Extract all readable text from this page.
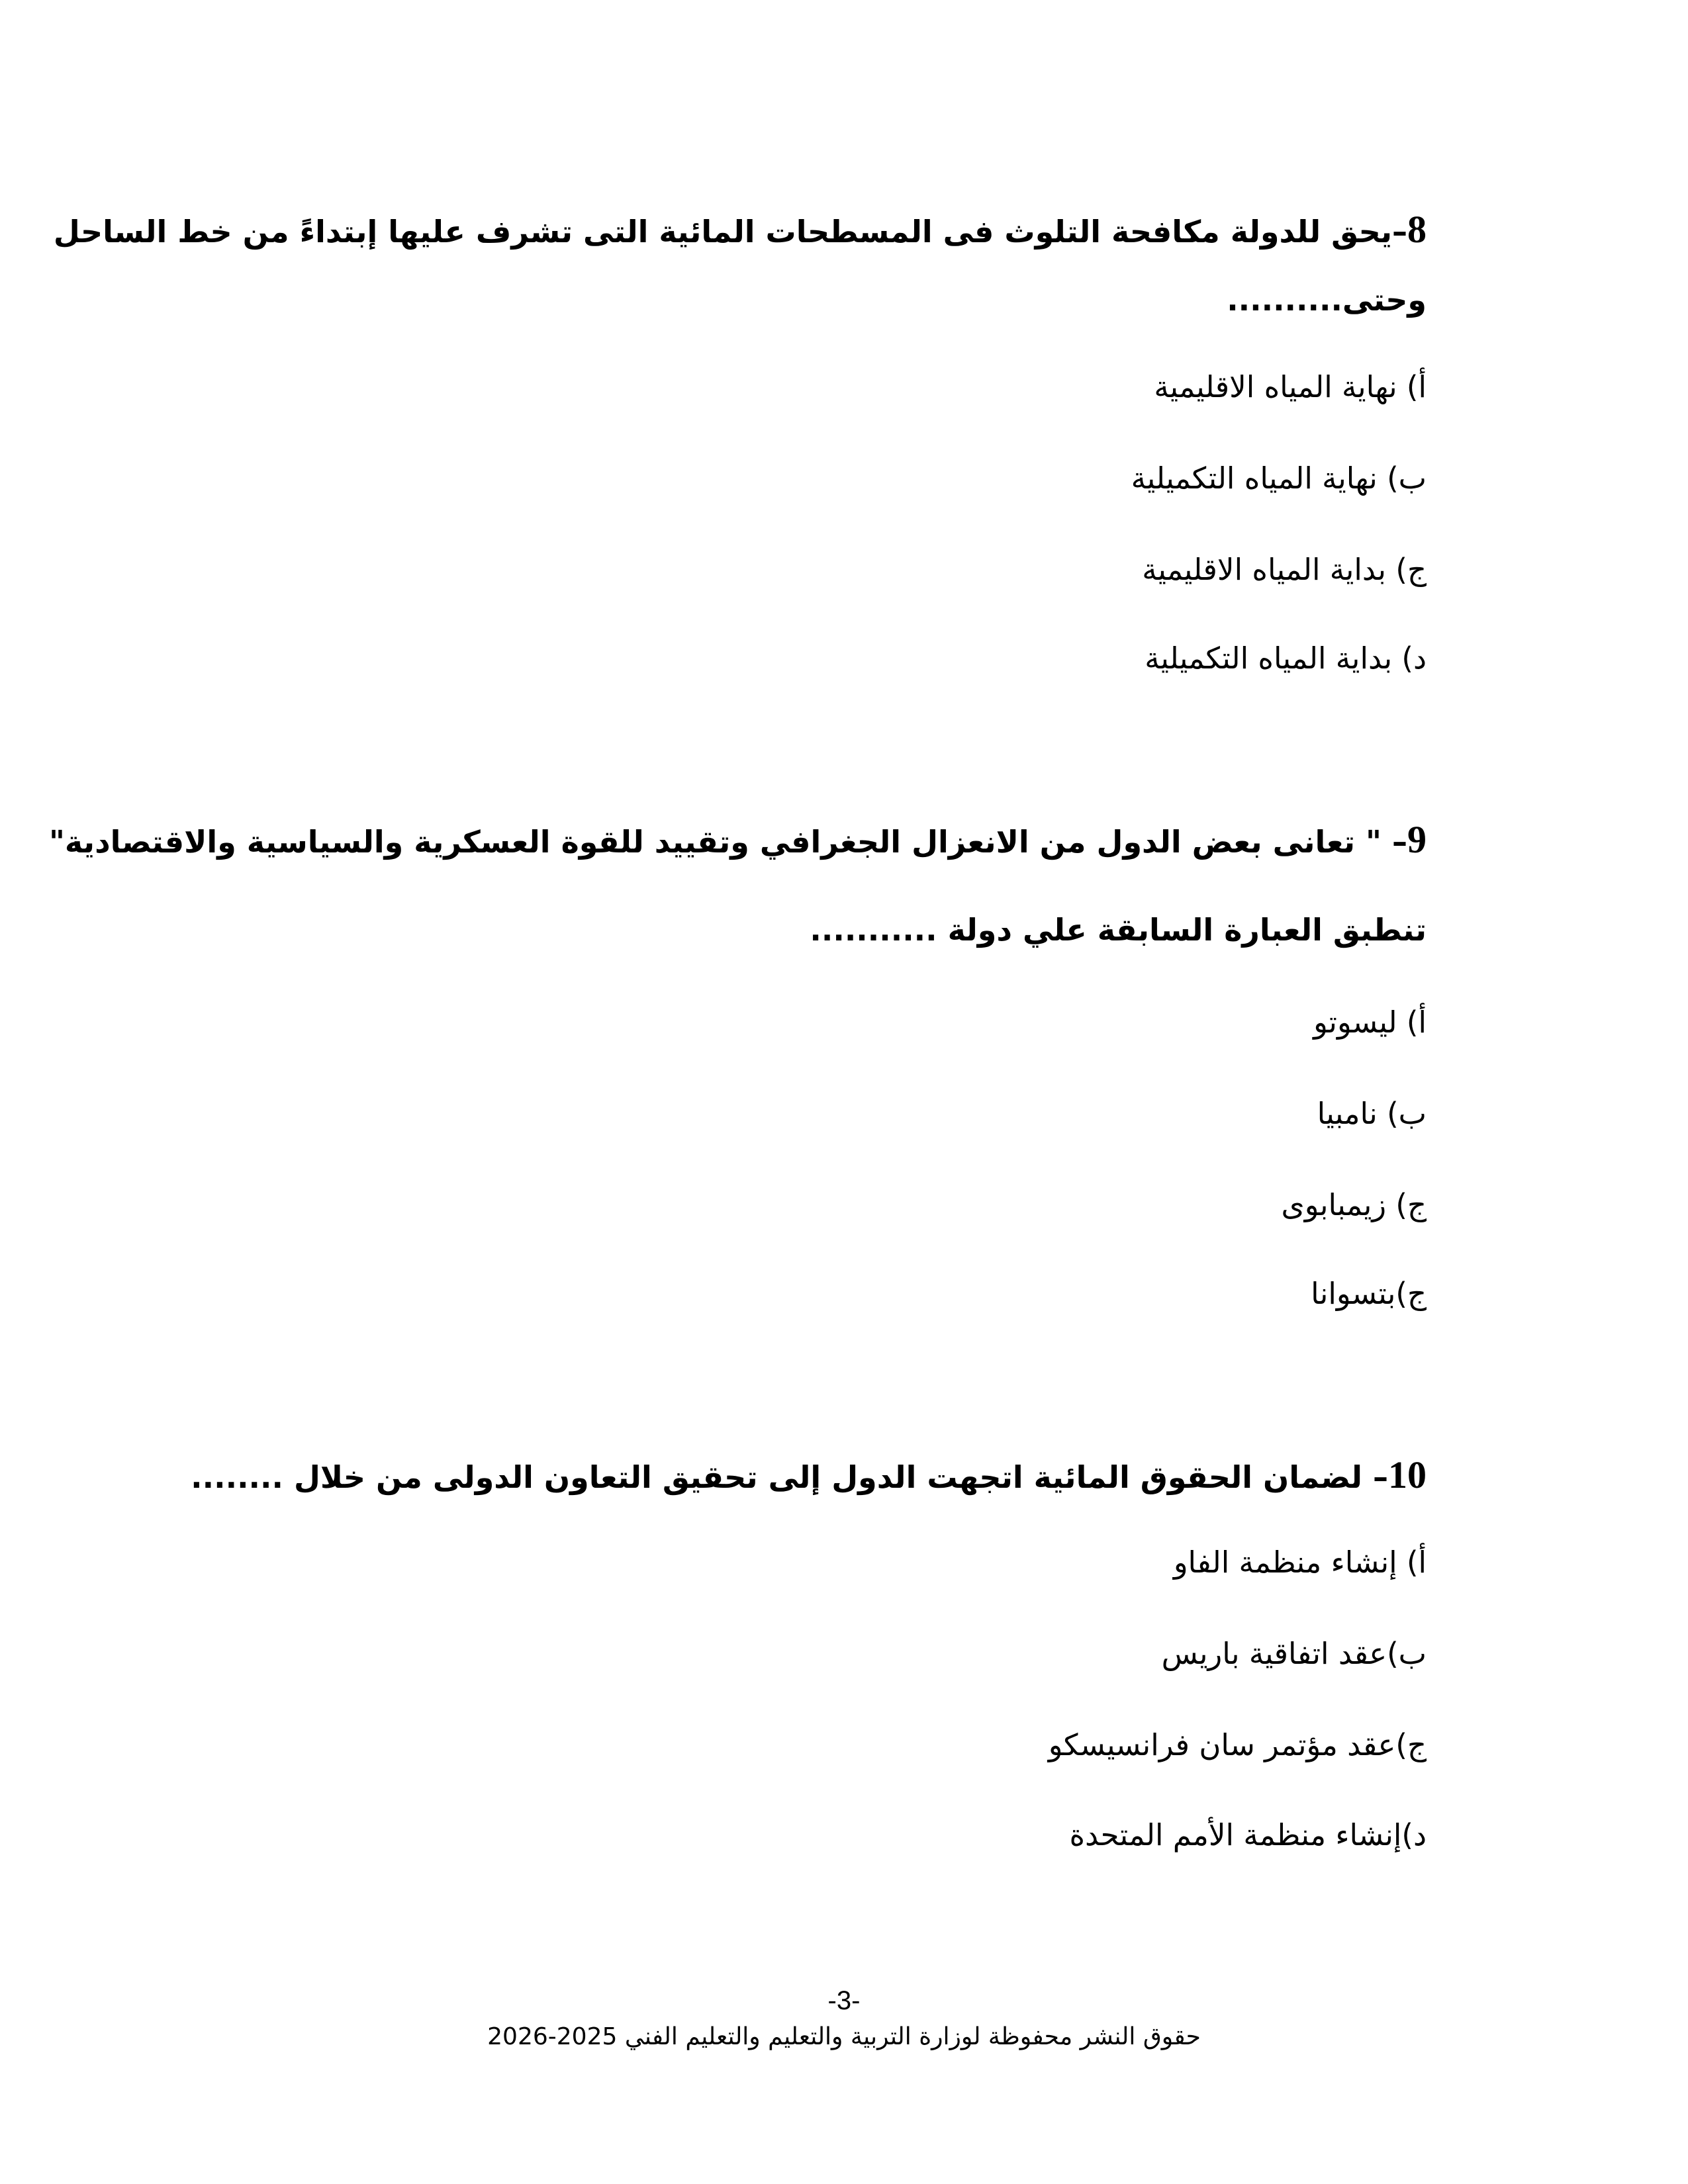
8–يحق للدولة مكافحة التلوث فى المسطحات المائية التى تشرف عليها إبتداءً من خط الساحل
وحتى..........
أ) نهاية المياه الاقليمية
ب) نهاية المياه التكميلية
ج) بداية المياه الاقليمية
د) بداية المياه التكميلية
9– " تعانى بعض الدول من الانعزال الجغرافي وتقييد للقوة العسكرية والسياسية والاقتصادية"
تنطبق العبارة السابقة علي دولة ...........
أ) ليسوتو
ب) نامبيا
ج) زيمبابوى
ج)بتسوانا
10– لضمان الحقوق المائية اتجهت الدول إلى تحقيق التعاون الدولى من خلال ........
أ) إنشاء منظمة الفاو
ب)عقد اتفاقية باريس
ج)عقد مؤتمر سان فرانسيسكو
د)إنشاء منظمة الأمم المتحدة
-3-
حقوق النشر محفوظة لوزارة التربية والتعليم والتعليم الفني 2025-2026
